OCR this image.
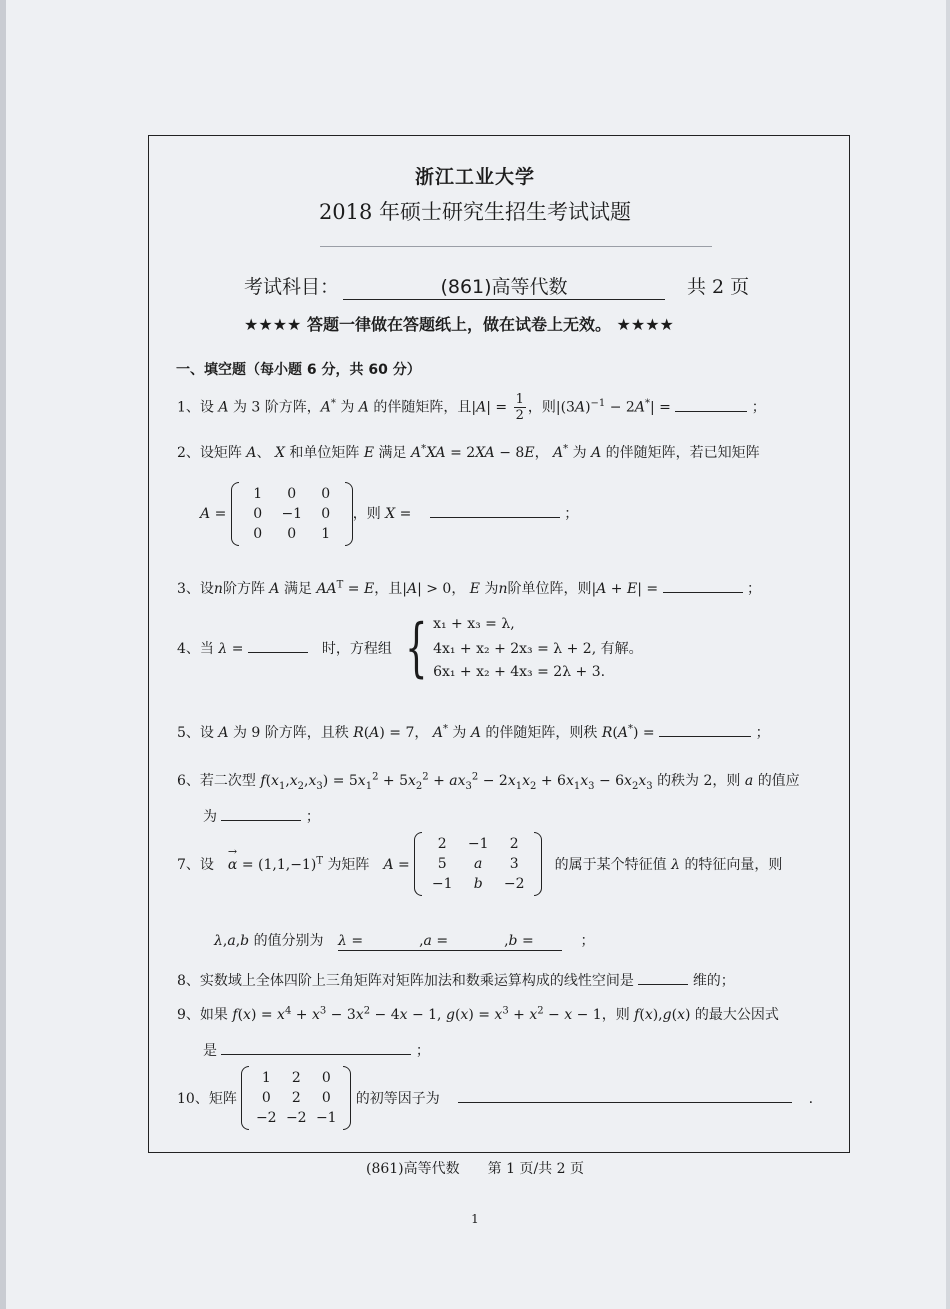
浙江工业大学
2018 年硕士研究生招生考试试题
考试科目：	(861)高等代数	共 2 页
★★★★ 答题一律做在答题纸上，做在试卷上无效。 ★★★★
一、填空题（每小题 6 分，共 60 分）
1、设 A 为 3 阶方阵，A* 为 A 的伴随矩阵，且$|A| = \frac{1}{2}$ ，则$|(3A)^{-1} - 2A^*|$ =	；
2、设矩阵 A、 X 和单位矩阵 E 满足 A*XA = 2XA − 8E， A* 为 A 的伴随矩阵，若已知矩阵
A =
1	0	0
0	−1	0
0	0	1
，则 X =	；
3、设n阶方阵 A 满足 $AA^T = E$，且|A| > 0， E 为n阶单位阵，则|A + E| =	；
4、当 λ = 　	时，方程组 { x₁ + x₃ = λ,
4x₁ + x₂ + 2x₃ = λ + 2, 有解。
6x₁ + x₂ + 4x₃ = 2λ + 3.
5、设 A 为 9 阶方阵，且秩 R(A) = 7， A* 为 A 的伴随矩阵，则秩 R(A*) =	；
6、若二次型 $f(x_1,x_2,x_3) = 5x_1^2 + 5x_2^2 + ax_3^2 - 2x_1x_2 + 6x_1x_3 - 6x_2x_3$ 的秩为 2，则 a 的值应
为	；
7、设　→ $\alpha = (1,1,-1)^T$ 为矩阵　 A =
2	−1	2
5	a	3
−1	b	−2
的属于某个特征值 λ 的特征向量，则
λ,a,b 的值分别为 λ =　　　　,a =　　　　,b =	；
8、实数域上全体四阶上三角矩阵对矩阵加法和数乘运算构成的线性空间是	维的；
9、如果 $f(x) = x^4 + x^3 - 3x^2 - 4x - 1$, $g(x) = x^3 + x^2 - x - 1$，则 f(x),g(x) 的最大公因式
是	；
10、矩阵
1	2	0
0	2	0
−2 −2 −1
的初等因子为	.
(861)高等代数　　第 1 页/共 2 页
1
